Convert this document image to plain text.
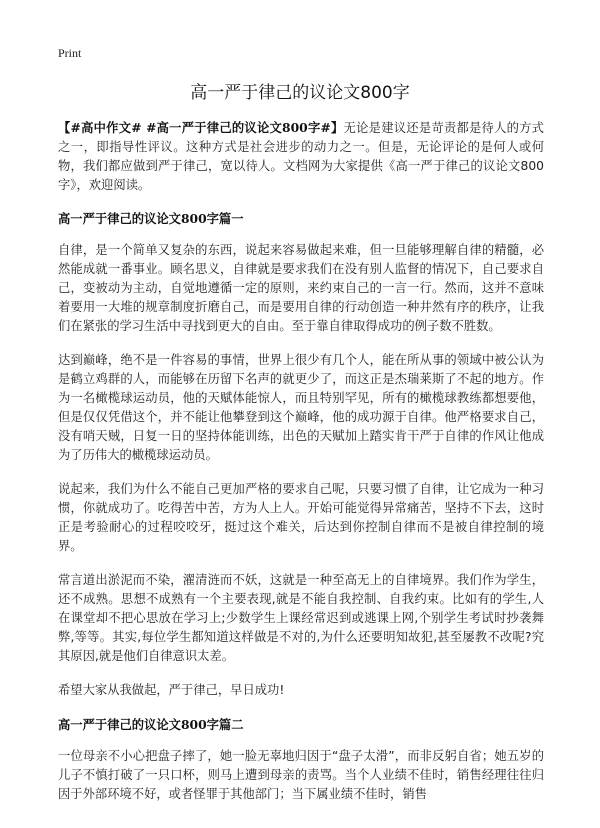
Print
高一严于律己的议论文800字

【#高中作文# #高一严于律己的议论文800字#】无论是建议还是苛责都是待人的方式之一，即指导性评议。这种方式是社会进步的动力之一。但是，无论评论的是何人或何物，我们都应做到严于律己，宽以待人。文档网为大家提供《高一严于律己的议论文800字》，欢迎阅读。

高一严于律己的议论文800字篇一

自律，是一个简单又复杂的东西，说起来容易做起来难，但一旦能够理解自律的精髓，必然能成就一番事业。顾名思义，自律就是要求我们在没有别人监督的情况下，自己要求自己，变被动为主动，自觉地遵循一定的原则，来约束自己的一言一行。然而，这并不意味着要用一大堆的规章制度折磨自己，而是要用自律的行动创造一种井然有序的秩序，让我们在紧张的学习生活中寻找到更大的自由。至于靠自律取得成功的例子数不胜数。

达到巅峰，绝不是一件容易的事情，世界上很少有几个人，能在所从事的领域中被公认为是鹤立鸡群的人，而能够在历留下名声的就更少了，而这正是杰瑞莱斯了不起的地方。作为一名橄榄球运动员，他的天赋体能惊人，而且特别罕见，所有的橄榄球教练都想要他，但是仅仅凭借这个，并不能让他攀登到这个巅峰，他的成功源于自律。他严格要求自己，没有哨天贼，日复一日的坚持体能训练，出色的天赋加上踏实肯干严于自律的作风让他成为了历伟大的橄榄球运动员。

说起来，我们为什么不能自己更加严格的要求自己呢，只要习惯了自律，让它成为一种习惯，你就成功了。吃得苦中苦，方为人上人。开始可能觉得异常痛苦，坚持不下去，这时正是考验耐心的过程咬咬牙，挺过这个难关，后达到你控制自律而不是被自律控制的境界。

常言道出淤泥而不染，濯清涟而不妖，这就是一种至高无上的自律境界。我们作为学生，还不成熟。思想不成熟有一个主要表现,就是不能自我控制、自我约束。比如有的学生,人在课堂却不把心思放在学习上;少数学生上课经常迟到或逃课上网,个别学生考试时抄袭舞弊,等等。其实,每位学生都知道这样做是不对的,为什么还要明知故犯,甚至屡教不改呢?究其原因,就是他们自律意识太差。

希望大家从我做起，严于律己，早日成功!

高一严于律己的议论文800字篇二

一位母亲不小心把盘子摔了，她一脸无辜地归因于“盘子太滑”，而非反躬自省；她五岁的儿子不慎打破了一只口杯，则马上遭到母亲的责骂。当个人业绩不佳时，销售经理往往归因于外部环境不好，或者怪罪于其他部门；当下属业绩不佳时，销售
